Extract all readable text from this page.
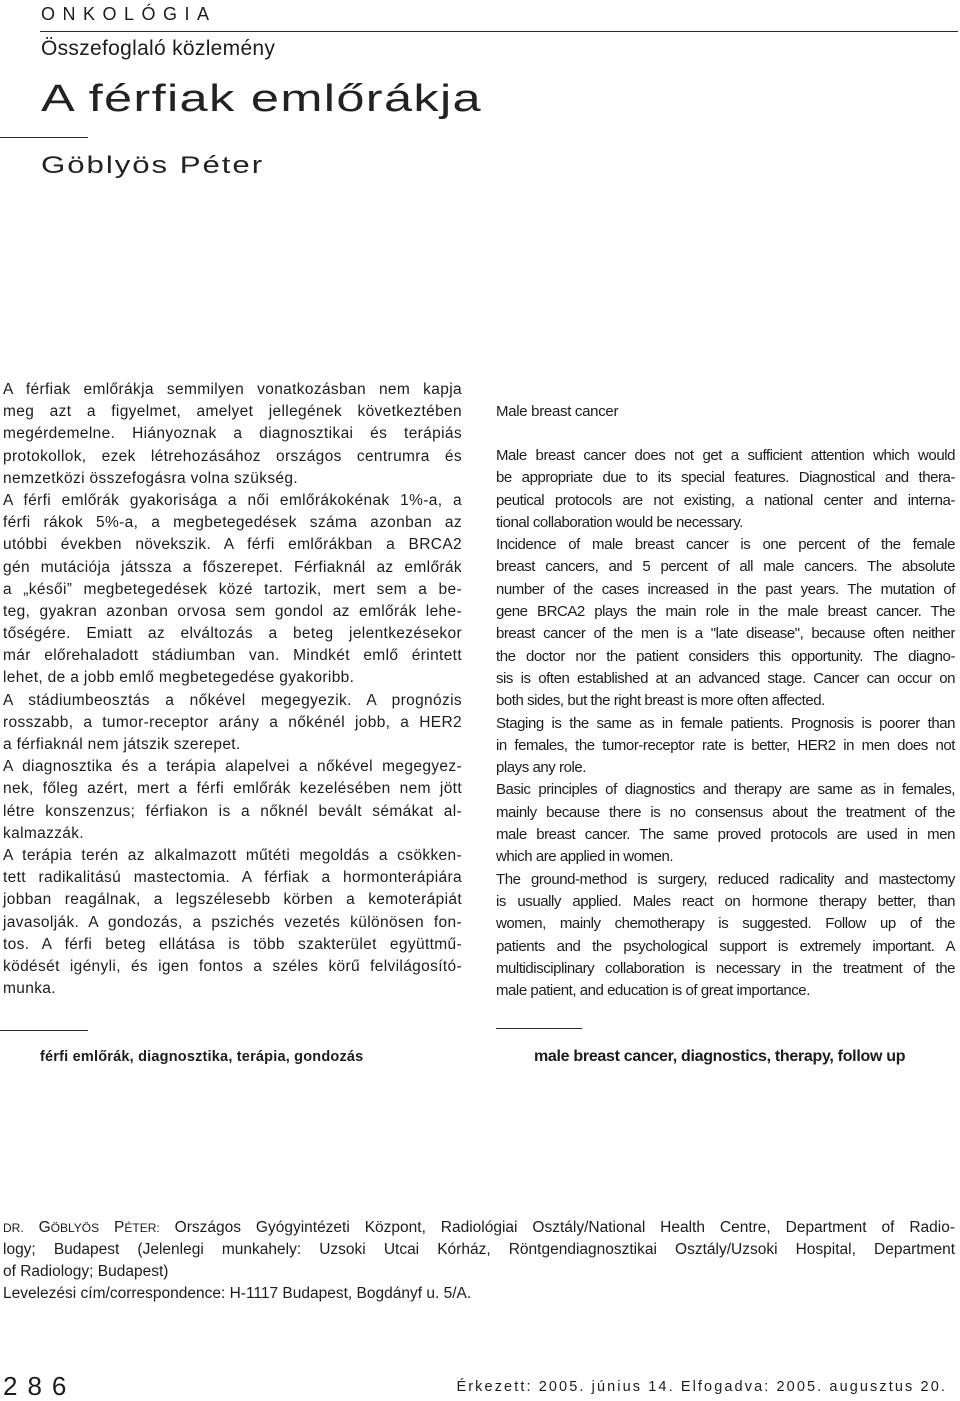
ONKOLÓGIA
Összefoglaló közlemény
A férfiak emlőrákja
Göblyös Péter
A férfiak emlőrákja semmilyen vonatkozásban nem kapja
meg azt a figyelmet, amelyet jellegének következtében
megérdemelne. Hiányoznak a diagnosztikai és terápiás
protokollok, ezek létrehozásához országos centrumra és
nemzetközi összefogásra volna szükség.
A férfi emlőrák gyakorisága a női emlőrákokénak 1%-a, a
férfi rákok 5%-a, a megbetegedések száma azonban az
utóbbi években növekszik. A férfi emlőrákban a BRCA2
gén mutációja játssza a főszerepet. Férfiaknál az emlőrák
a „késői” megbetegedések közé tartozik, mert sem a be-
teg, gyakran azonban orvosa sem gondol az emlőrák lehe-
tőségére. Emiatt az elváltozás a beteg jelentkezésekor
már előrehaladott stádiumban van. Mindkét emlő érintett
lehet, de a jobb emlő megbetegedése gyakoribb.
A stádiumbeosztás a nőkével megegyezik. A prognózis
rosszabb, a tumor-receptor arány a nőkénél jobb, a HER2
a férfiaknál nem játszik szerepet.
A diagnosztika és a terápia alapelvei a nőkével megegyez-
nek, főleg azért, mert a férfi emlőrák kezelésében nem jött
létre konszenzus; férfiakon is a nőknél bevált sémákat al-
kalmazzák.
A terápia terén az alkalmazott műtéti megoldás a csökken-
tett radikalitású mastectomia. A férfiak a hormonterápiára
jobban reagálnak, a legszélesebb körben a kemoterápiát
javasolják. A gondozás, a pszichés vezetés különösen fon-
tos. A férfi beteg ellátása is több szakterület együttmű-
ködését igényli, és igen fontos a széles körű felvilágosító-
munka.
Male breast cancer
Male breast cancer does not get a sufficient attention which would
be appropriate due to its special features. Diagnostical and thera-
peutical protocols are not existing, a national center and interna-
tional collaboration would be necessary.
Incidence of male breast cancer is one percent of the female
breast cancers, and 5 percent of all male cancers. The absolute
number of the cases increased in the past years. The mutation of
gene BRCA2 plays the main role in the male breast cancer. The
breast cancer of the men is a "late disease", because often neither
the doctor nor the patient considers this opportunity. The diagno-
sis is often established at an advanced stage. Cancer can occur on
both sides, but the right breast is more often affected.
Staging is the same as in female patients. Prognosis is poorer than
in females, the tumor-receptor rate is better, HER2 in men does not
plays any role.
Basic principles of diagnostics and therapy are same as in females,
mainly because there is no consensus about the treatment of the
male breast cancer. The same proved protocols are used in men
which are applied in women.
The ground-method is surgery, reduced radicality and mastectomy
is usually applied. Males react on hormone therapy better, than
women, mainly chemotherapy is suggested. Follow up of the
patients and the psychological support is extremely important. A
multidisciplinary collaboration is necessary in the treatment of the
male patient, and education is of great importance.
férfi emlőrák, diagnosztika, terápia, gondozás	male breast cancer, diagnostics, therapy, follow up
DR. GÖBLYÖS PÉTER: Országos Gyógyintézeti Központ, Radiológiai Osztály/National Health Centre, Department of Radio-
logy; Budapest (Jelenlegi munkahely: Uzsoki Utcai Kórház, Röntgendiagnosztikai Osztály/Uzsoki Hospital, Department
of Radiology; Budapest)
Levelezési cím/correspondence: H-1117 Budapest, Bogdányf u. 5/A.
286	Érkezett: 2005. június 14. Elfogadva: 2005. augusztus 20.
